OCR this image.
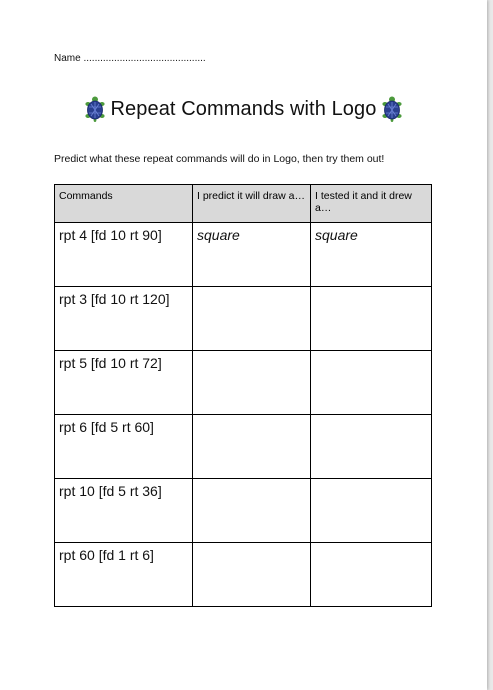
Name ............................................
Repeat Commands with Logo
Predict what these repeat commands will do in Logo, then try them out!
Commands	I predict it will draw a…	I tested it and it drew a…
rpt 4 [fd 10 rt 90]	square	square
rpt 3 [fd 10 rt 120]		
rpt 5 [fd 10 rt 72]		
rpt 6 [fd 5 rt 60]		
rpt 10 [fd 5 rt 36]		
rpt 60 [fd 1 rt 6]		
